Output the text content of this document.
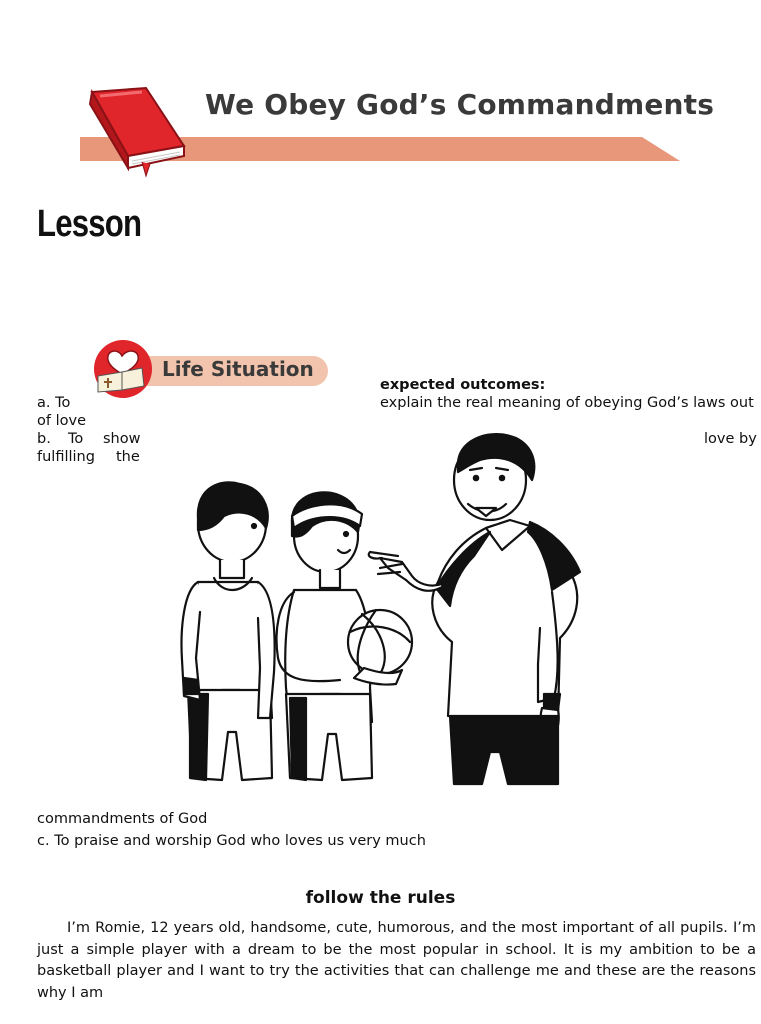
We Obey God’s Commandments
Lesson
Life Situation
expected outcomes:
a. To	explain the real meaning of obeying God’s laws out
of love
b. To show	love by
fulfilling the
commandments of God
c. To praise and worship God who loves us very much
follow the rules
I’m Romie, 12 years old, handsome, cute, humorous, and the most important of all pupils. I’m just a simple player with a dream to be the most popular in school. It is my ambition to be a basketball player and I want to try the activities that can challenge me and these are the reasons why I am
